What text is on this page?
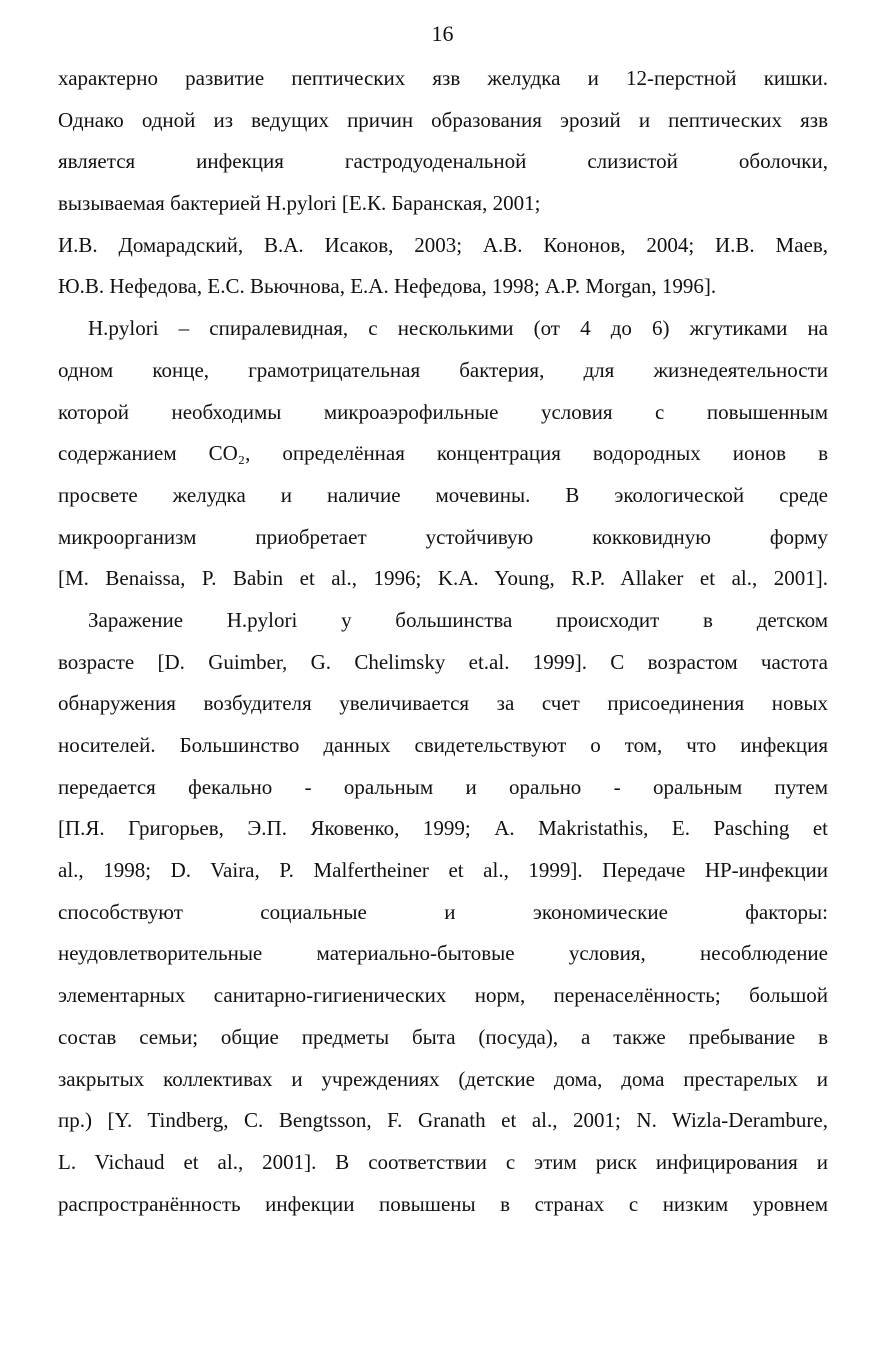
16
характерно развитие пептических язв желудка и 12-перстной кишки.
Однако одной из ведущих причин образования эрозий и пептических язв
является инфекция гастродуоденальной слизистой оболочки,
вызываемая бактерией H.pylori [Е.К. Баранская, 2001;
И.В. Домарадский, В.А. Исаков, 2003; А.В. Кононов, 2004; И.В. Маев,
Ю.В. Нефедова, Е.С. Вьючнова, Е.А. Нефедова, 1998; A.P. Morgan, 1996].
H.pylori – спиралевидная, с несколькими (от 4 до 6) жгутиками на
одном конце, грамотрицательная бактерия, для жизнедеятельности
которой необходимы микроаэрофильные условия с повышенным
содержанием CO₂, определённая концентрация водородных ионов в
просвете желудка и наличие мочевины. В экологической среде
микроорганизм приобретает устойчивую кокковидную форму
[M. Benaissa, P. Babin et al., 1996; K.A. Young, R.P. Allaker et al., 2001].
Заражение H.pylori у большинства происходит в детском
возрасте [D. Guimber, G. Chelimsky et.al. 1999]. С возрастом частота
обнаружения возбудителя увеличивается за счет присоединения новых
носителей. Большинство данных свидетельствуют о том, что инфекция
передается фекально - оральным и орально - оральным путем
[П.Я. Григорьев, Э.П. Яковенко, 1999; A. Makristathis, E. Pasching et
al., 1998; D. Vaira, P. Malfertheiner et al., 1999]. Передаче HP-инфекции
способствуют социальные и экономические факторы:
неудовлетворительные материально-бытовые условия, несоблюдение
элементарных санитарно-гигиенических норм, перенаселённость; большой
состав семьи; общие предметы быта (посуда), а также пребывание в
закрытых коллективах и учреждениях (детские дома, дома престарелых и
пр.) [Y. Tindberg, C. Bengtsson, F. Granath et al., 2001; N. Wizla-Derambure,
L. Vichaud et al., 2001]. В соответствии с этим риск инфицирования и
распространённость инфекции повышены в странах с низким уровнем
